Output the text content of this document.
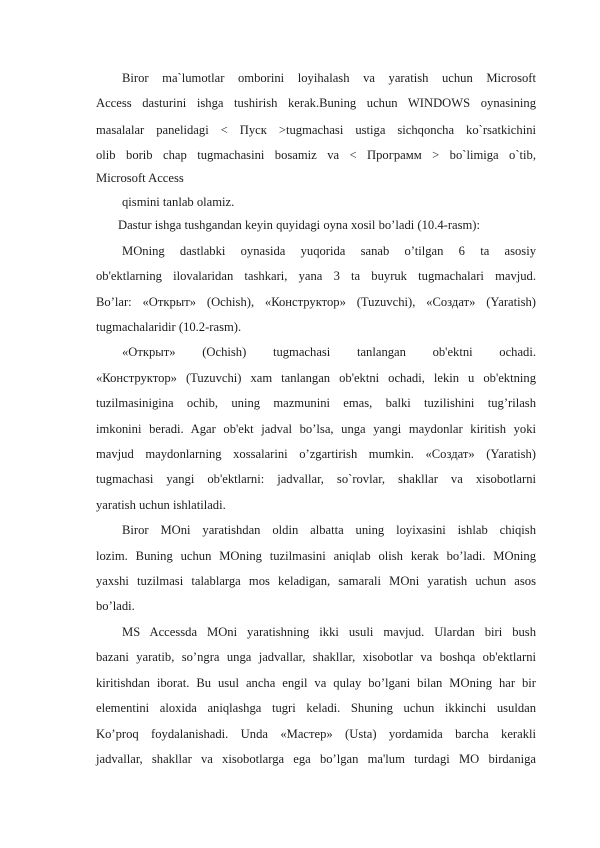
Biror ma`lumotlar omborini loyihalash va yaratish uchun Microsoft
Access dasturini ishga tushirish kerak.Buning uchun WINDOWS oynasining
masalalar panelidagi < Пуск >tugmachasi ustiga sichqoncha ko`rsatkichini
olib borib chap tugmachasini bosamiz va < Программ > bo`limiga o`tib,
Microsoft Access
qismini tanlab olamiz.
Dastur ishga tushgandan keyin quyidagi oyna xosil bo’ladi (10.4-rasm):
MOning dastlabki oynasida yuqorida sanab o’tilgan 6 ta asosiy
ob'ektlarning ilovalaridan tashkari, yana 3 ta buyruk tugmachalari mavjud.
Bo’lar: «Открыт» (Ochish), «Конструктор» (Tuzuvchi), «Создат» (Yaratish)
tugmachalaridir (10.2-rasm).
«Открыт» (Ochish) tugmachasi tanlangan ob'ektni ochadi.
«Конструктор» (Tuzuvchi) xam tanlangan ob'ektni ochadi, lekin u ob'ektning
tuzilmasinigina ochib, uning mazmunini emas, balki tuzilishini tug’rilash
imkonini beradi. Agar ob'ekt jadval bo’lsa, unga yangi maydonlar kiritish yoki
mavjud maydonlarning xossalarini o’zgartirish mumkin. «Создат» (Yaratish)
tugmachasi yangi ob'ektlarni: jadvallar, so`rovlar, shakllar va xisobotlarni
yaratish uchun ishlatiladi.
Biror MOni yaratishdan oldin albatta uning loyixasini ishlab chiqish
lozim. Buning uchun MOning tuzilmasini aniqlab olish kerak bo’ladi. MOning
yaxshi tuzilmasi talablarga mos keladigan, samarali MOni yaratish uchun asos
bo’ladi.
MS Accessda MOni yaratishning ikki usuli mavjud. Ulardan biri bush
bazani yaratib, so’ngra unga jadvallar, shakllar, xisobotlar va boshqa ob'ektlarni
kiritishdan iborat. Bu usul ancha engil va qulay bo’lgani bilan MOning har bir
elementini aloxida aniqlashga tugri keladi. Shuning uchun ikkinchi usuldan
Ko’proq foydalanishadi. Unda «Мастер» (Usta) yordamida barcha kerakli
jadvallar, shakllar va xisobotlarga ega bo’lgan ma'lum turdagi MO birdaniga
